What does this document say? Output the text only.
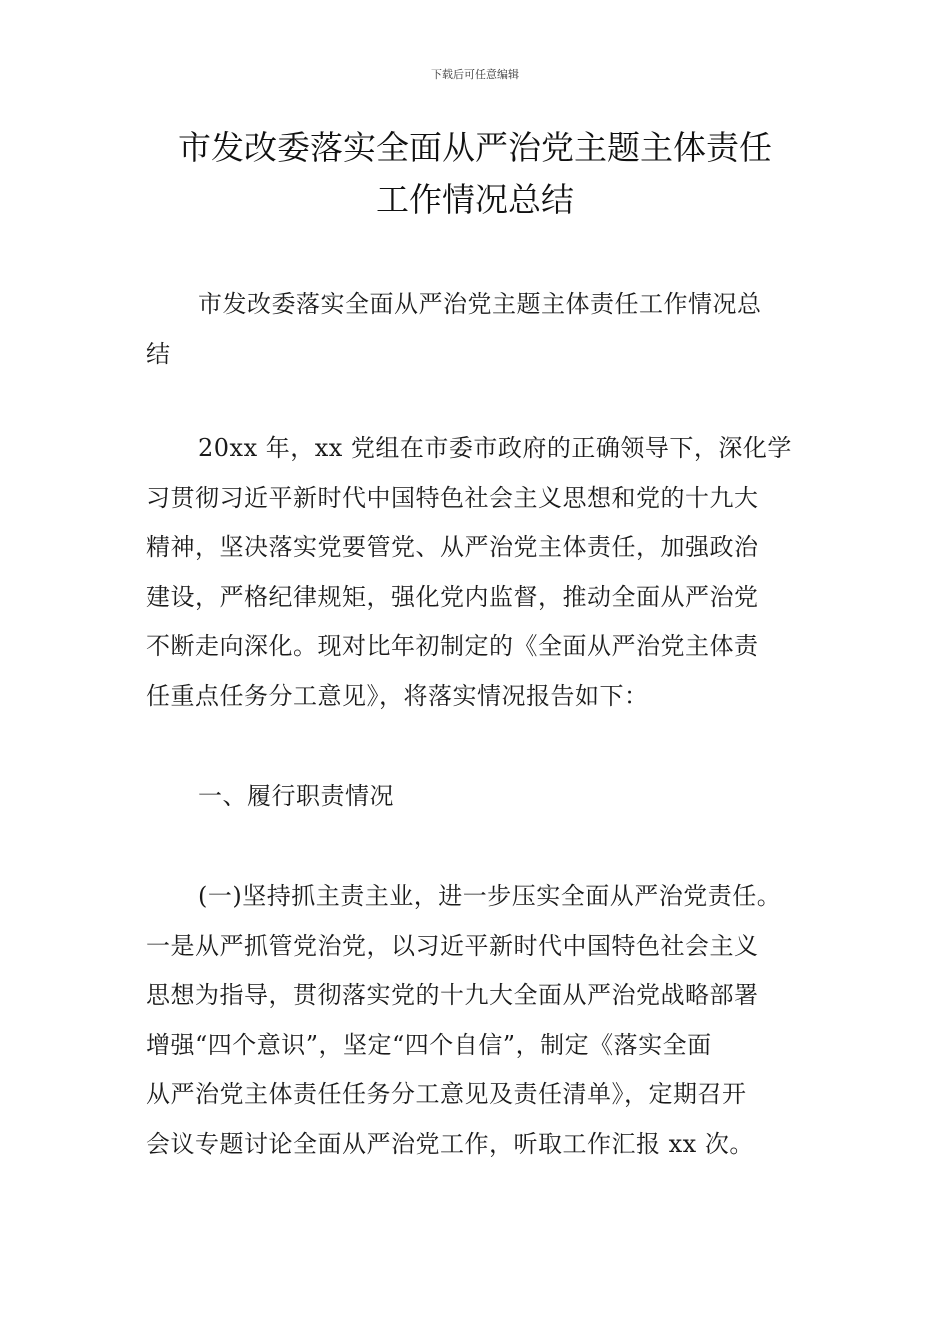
下载后可任意编辑
市发改委落实全面从严治党主题主体责任
工作情况总结
市发改委落实全面从严治党主题主体责任工作情况总
结
20xx 年，xx 党组在市委市政府的正确领导下，深化学
习贯彻习近平新时代中国特色社会主义思想和党的十九大
精神，坚决落实党要管党、从严治党主体责任，加强政治
建设，严格纪律规矩，强化党内监督，推动全面从严治党
不断走向深化。现对比年初制定的《全面从严治党主体责
任重点任务分工意见》，将落实情况报告如下：
一、履行职责情况
(一)坚持抓主责主业，进一步压实全面从严治党责任。
一是从严抓管党治党，以习近平新时代中国特色社会主义
思想为指导，贯彻落实党的十九大全面从严治党战略部署
增强“四个意识”，坚定“四个自信”，制定《落实全面
从严治党主体责任任务分工意见及责任清单》，定期召开
会议专题讨论全面从严治党工作，听取工作汇报 xx 次。
